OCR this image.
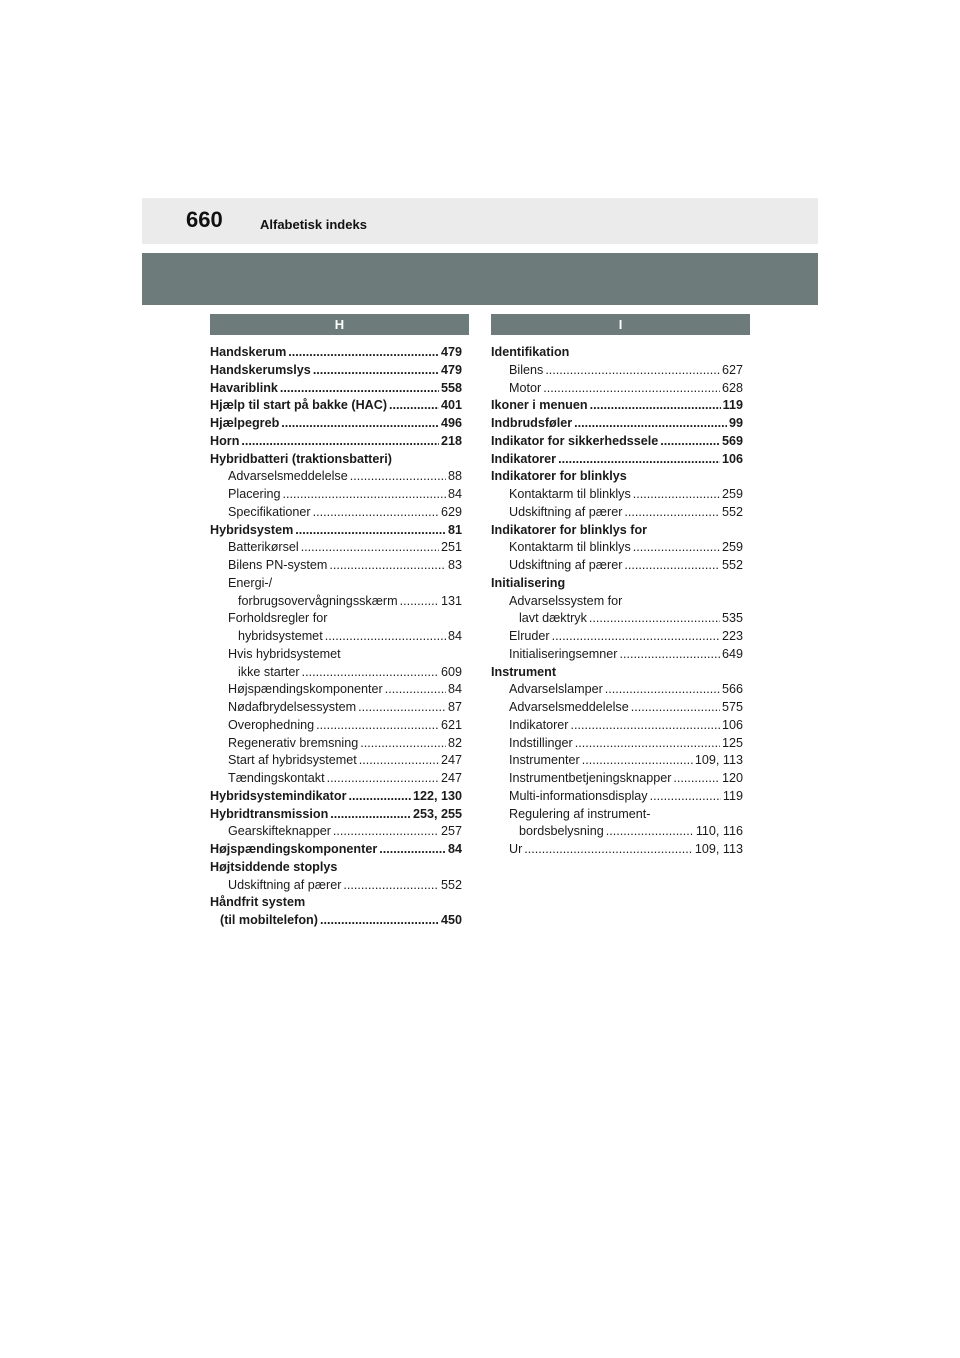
660	Alfabetisk indeks
H	I
Handskerum .....	479
Handskerumslys .....	479
Havariblink .....	558
Hjælp til start på bakke (HAC) .....	401
Hjælpegreb .....	496
Horn .....	218
Hybridbatteri (traktionsbatteri)
Advarselsmeddelelse .....	88
Placering .....	84
Specifikationer .....	629
Hybridsystem .....	81
Batterikørsel .....	251
Bilens PN-system .....	83
Energi-/
forbrugsovervågningsskærm .....	131
Forholdsregler for
hybridsystemet .....	84
Hvis hybridsystemet
ikke starter .....	609
Højspændingskomponenter .....	84
Nødafbrydelsessystem .....	87
Overophedning .....	621
Regenerativ bremsning .....	82
Start af hybridsystemet .....	247
Tændingskontakt .....	247
Hybridsystemindikator .....	122, 130
Hybridtransmission .....	253, 255
Gearskifteknapper .....	257
Højspændingskomponenter .....	84
Højtsiddende stoplys
Udskiftning af pærer .....	552
Håndfrit system
(til mobiltelefon) .....	450
Identifikation
Bilens .....	627
Motor .....	628
Ikoner i menuen .....	119
Indbrudsføler .....	99
Indikator for sikkerhedssele .....	569
Indikatorer .....	106
Indikatorer for blinklys
Kontaktarm til blinklys .....	259
Udskiftning af pærer .....	552
Indikatorer for blinklys for
Kontaktarm til blinklys .....	259
Udskiftning af pærer .....	552
Initialisering
Advarselssystem for
lavt dæktryk .....	535
Elruder .....	223
Initialiseringsemner .....	649
Instrument
Advarselslamper .....	566
Advarselsmeddelelse .....	575
Indikatorer .....	106
Indstillinger .....	125
Instrumenter .....	109, 113
Instrumentbetjeningsknapper .....	120
Multi-informationsdisplay .....	119
Regulering af instrument-
bordsbelysning .....	110, 116
Ur .....	109, 113
